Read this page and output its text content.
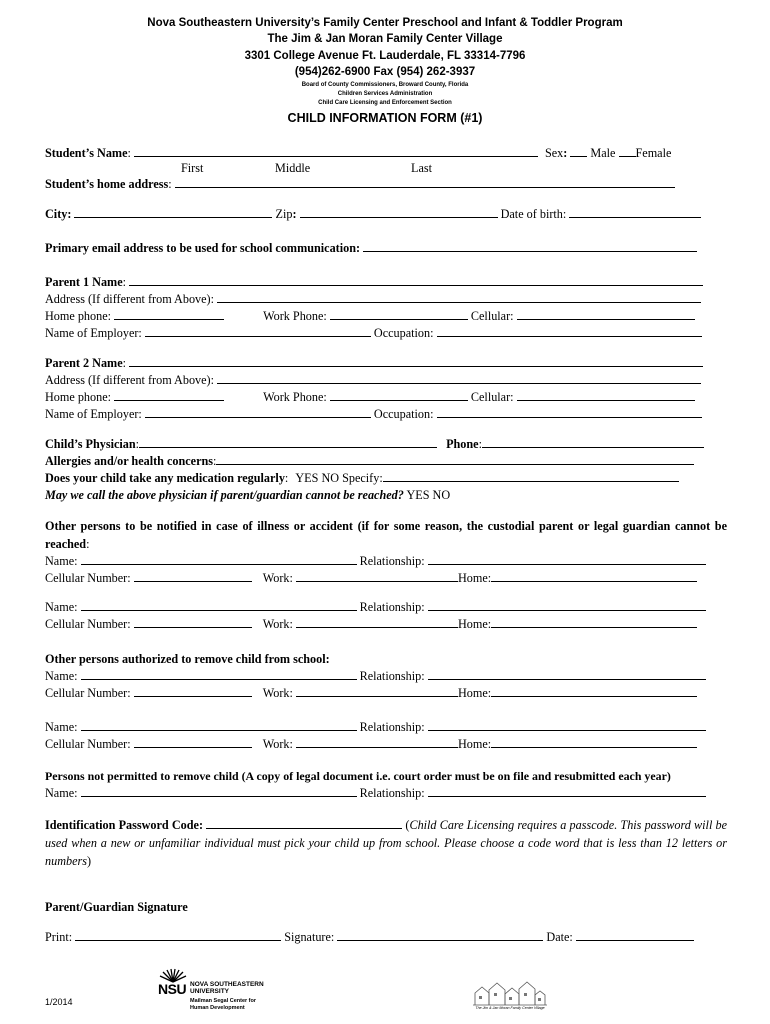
Nova Southeastern University’s Family Center Preschool and Infant & Toddler Program
The Jim & Jan Moran Family Center Village
3301 College Avenue Ft. Lauderdale, FL 33314-7796
(954)262-6900 Fax (954) 262-3937
Board of County Commissioners, Broward County, Florida
Children Services Administration
Child Care Licensing and Enforcement Section
CHILD INFORMATION FORM (#1)
Student’s Name:	Sex: Male Female
First	Middle	Last
Student’s home address:
City:	Zip:	Date of birth:
Primary email address to be used for school communication:
Parent 1 Name:
Address (If different from Above):
Home phone:	Work Phone:	Cellular:
Name of Employer:	Occupation:
Parent 2 Name:
Address (If different from Above):
Home phone:	Work Phone:	Cellular:
Name of Employer:	Occupation:
Child’s Physician:	Phone:
Allergies and/or health concerns:
Does your child take any medication regularly: YES NO Specify:
May we call the above physician if parent/guardian cannot be reached? YES NO
Other persons to be notified in case of illness or accident (if for some reason, the custodial parent or legal guardian cannot be reached:
Name:	Relationship:
Cellular Number:	Work:	Home:
Name:	Relationship:
Cellular Number:	Work:	Home:
Other persons authorized to remove child from school:
Name:	Relationship:
Cellular Number:	Work:	Home:
Name:	Relationship:
Cellular Number:	Work:	Home:
Persons not permitted to remove child (A copy of legal document i.e. court order must be on file and resubmitted each year)
Name:	Relationship:
Identification Password Code:	(Child Care Licensing requires a passcode. This password will be used when a new or unfamiliar individual must pick your child up from school. Please choose a code word that is less than 12 letters or numbers)
Parent/Guardian Signature
Print:	Signature:	Date:
1/2014
NSU NOVA SOUTHEASTERN
UNIVERSITY
Mailman Segal Center for
Human Development	The Jim & Jan Moran Family Center Village
